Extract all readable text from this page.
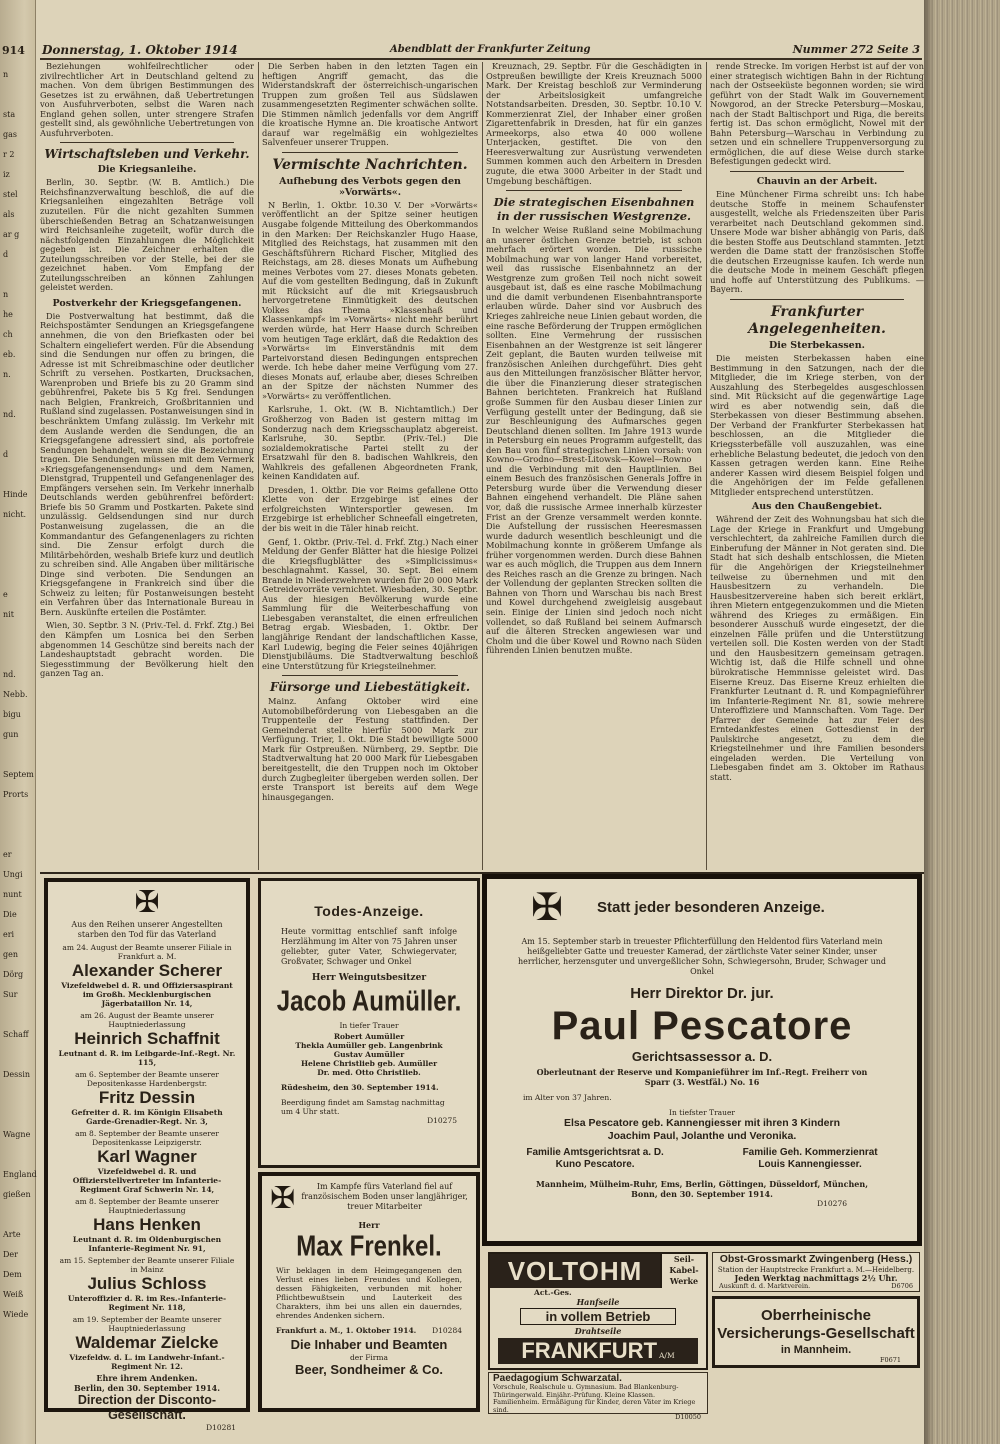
914
n
sta
gas
r 2
iz
stel
als
ar g
d
n
he
ch
eb.
n.
nd.
d
Hinde
nicht.
e
nit
nd.
Nebb.
bigu
gun
Septem
Prorts
er
Ungi
nunt
Die
eri
gen
Dörg
Sur
Schaff
Dessin
Wagne
England
gießen
Arte
Der
Dem
Weiß
Wiede
Donnerstag, 1. Oktober 1914	Abendblatt der Frankfurter Zeitung	Nummer 272 Seite 3

Beziehungen wohlfeilrechtlicher oder zivilrechtlicher Art in Deutschland geltend zu machen. Von dem übrigen Bestimmungen des Gesetzes ist zu erwähnen, daß Uebertretungen von Ausfuhrverboten, selbst die Waren nach England gehen sollen, unter strengere Strafen gestellt sind, als gewöhnliche Uebertretungen von Ausfuhrverboten.

Wirtschaftsleben und Verkehr.
Die Kriegsanleihe.

Berlin, 30. Septbr. (W. B. Amtlich.) Die Reichsfinanzverwaltung beschloß, die auf die Kriegsanleihen eingezahlten Beträge voll zuzuteilen. Für die nicht gezahlten Summen überschießenden Betrag an Schatzanweisungen wird Reichsanleihe zugeteilt, wofür durch die nächstfolgenden Einzahlungen die Möglichkeit gegeben ist. Die Zeichner erhalten die Zuteilungsschreiben vor der Stelle, bei der sie gezeichnet haben. Vom Empfang der Zuteilungsschreiben an können Zahlungen geleistet werden.

Postverkehr der Kriegsgefangenen.

Die Postverwaltung hat bestimmt, daß die Reichspostämter Sendungen an Kriegsgefangene annehmen, die von den Briefkasten oder bei Schaltern eingeliefert werden. Für die Absendung sind die Sendungen nur offen zu bringen, die Adresse ist mit Schreibmaschine oder deutlicher Schrift zu versehen. Postkarten, Drucksachen, Warenproben und Briefe bis zu 20 Gramm sind gebührenfrei, Pakete bis 5 Kg frei. Sendungen nach Belgien, Frankreich, Großbritannien und Rußland sind zugelassen. Postanweisungen sind in beschränktem Umfang zulässig. Im Verkehr mit dem Auslande werden die Sendungen, die an Kriegsgefangene adressiert sind, als portofreie Sendungen behandelt, wenn sie die Bezeichnung tragen. Die Sendungen müssen mit dem Vermerk »Kriegsgefangenensendung« und dem Namen, Dienstgrad, Truppenteil und Gefangenenlager des Empfängers versehen sein. Im Verkehr innerhalb Deutschlands werden gebührenfrei befördert: Briefe bis 50 Gramm und Postkarten. Pakete sind unzulässig. Geldsendungen sind nur durch Postanweisung zugelassen, die an die Kommandantur des Gefangenenlagers zu richten sind. Die Zensur erfolgt durch die Militärbehörden, weshalb Briefe kurz und deutlich zu schreiben sind. Alle Angaben über militärische Dinge sind verboten. Die Sendungen an Kriegsgefangene in Frankreich sind über die Schweiz zu leiten; für Postanweisungen besteht ein Verfahren über das Internationale Bureau in Bern. Auskünfte erteilen die Postämter.

Wien, 30. Septbr. 3 N. (Priv.-Tel. d. Frkf. Ztg.) Bei den Kämpfen um Losnica bei den Serben abgenommen 14 Geschütze sind bereits nach der Landeshauptstadt gebracht worden. Die Siegesstimmung der Bevölkerung hielt den ganzen Tag an.

Die Serben haben in den letzten Tagen ein heftigen Angriff gemacht, das die Widerstandskraft der österreichisch-ungarischen Truppen zum großen Teil aus Südslawen zusammengesetzten Regimenter schwächen sollte. Die Stimmen nämlich jedenfalls vor dem Angriff die kroatische Hymne an. Die kroatische Antwort darauf war regelmäßig ein wohlgezieltes Salvenfeuer unserer Truppen.

Vermischte Nachrichten.
Aufhebung des Verbots gegen den »Vorwärts«.

N Berlin, 1. Oktbr. 10.30 V. Der »Vorwärts« veröffentlicht an der Spitze seiner heutigen Ausgabe folgende Mitteilung des Oberkommandos in den Marken: Der Reichskanzler Hugo Haase, Mitglied des Reichstags, hat zusammen mit den Geschäftsführern Richard Fischer, Mitglied des Reichstags, am 28. dieses Monats um Aufhebung meines Verbotes vom 27. dieses Monats gebeten. Auf die vom gestellten Bedingung, daß in Zukunft mit Rücksicht auf die mit Kriegsausbruch hervorgetretene Einmütigkeit des deutschen Volkes das Thema »Klassenhaß und Klassenkampf« im »Vorwärts« nicht mehr berührt werden würde, hat Herr Haase durch Schreiben vom heutigen Tage erklärt, daß die Redaktion des »Vorwärts« im Einverständnis mit dem Parteivorstand diesen Bedingungen entsprechen werde. Ich hebe daher meine Verfügung vom 27. dieses Monats auf, erlaube aber, dieses Schreiben an der Spitze der nächsten Nummer des »Vorwärts« zu veröffentlichen.

Karlsruhe, 1. Okt. (W. B. Nichtamtlich.) Der Großherzog von Baden ist gestern mittag im Sonderzug nach dem Kriegsschauplatz abgereist. Karlsruhe, 30. Septbr. (Priv.-Tel.) Die sozialdemokratische Partei stellt zu der Ersatzwahl für den 8. badischen Wahlkreis, den Wahlkreis des gefallenen Abgeordneten Frank, keinen Kandidaten auf.

Dresden, 1. Oktbr. Die vor Reims gefallene Otto Klette von der Erzgebirge ist eines der erfolgreichsten Wintersportler gewesen. Im Erzgebirge ist erheblicher Schneefall eingetreten, der bis weit in die Täler hinab reicht.

Genf, 1. Oktbr. (Priv.-Tel. d. Frkf. Ztg.) Nach einer Meldung der Genfer Blätter hat die hiesige Polizei die Kriegsflugblätter des »Simplicissimus« beschlagnahmt. Kassel, 30. Sept. Bei einem Brande in Niederzwehren wurden für 20 000 Mark Getreidevorräte vernichtet. Wiesbaden, 30. Septbr. Aus der hiesigen Bevölkerung wurde eine Sammlung für die Weiterbeschaffung von Liebesgaben veranstaltet, die einen erfreulichen Betrag ergab. Wiesbaden, 1. Oktbr. Der langjährige Rendant der landschaftlichen Kasse, Karl Ludewig, beging die Feier seines 40jährigen Dienstjubiläums. Die Stadtverwaltung beschloß eine Unterstützung für Kriegsteilnehmer.

Fürsorge und Liebestätigkeit.

Mainz. Anfang Oktober wird eine Automobilbeförderung von Liebesgaben an die Truppenteile der Festung stattfinden. Der Gemeinderat stellte hierfür 5000 Mark zur Verfügung. Trier, 1. Okt. Die Stadt bewilligte 5000 Mark für Ostpreußen. Nürnberg, 29. Septbr. Die Stadtverwaltung hat 20 000 Mark für Liebesgaben bereitgestellt, die den Truppen noch im Oktober durch Zugbegleiter übergeben werden sollen. Der erste Transport ist bereits auf dem Wege hinausgegangen.

Kreuznach, 29. Septbr. Für die Geschädigten in Ostpreußen bewilligte der Kreis Kreuznach 5000 Mark. Der Kreistag beschloß zur Verminderung der Arbeitslosigkeit umfangreiche Notstandsarbeiten. Dresden, 30. Septbr. 10.10 V. Kommerzienrat Ziel, der Inhaber einer großen Zigarettenfabrik in Dresden, hat für ein ganzes Armeekorps, also etwa 40 000 wollene Unterjacken, gestiftet. Die von den Heeresverwaltung zur Ausrüstung verwendeten Summen kommen auch den Arbeitern in Dresden zugute, die etwa 3000 Arbeiter in der Stadt und Umgebung beschäftigen.

Die strategischen Eisenbahnen in der russischen Westgrenze.

In welcher Weise Rußland seine Mobilmachung an unserer östlichen Grenze betrieb, ist schon mehrfach erörtert worden. Die russische Mobilmachung war von langer Hand vorbereitet, weil das russische Eisenbahnnetz an der Westgrenze zum großen Teil noch nicht soweit ausgebaut ist, daß es eine rasche Mobilmachung und die damit verbundenen Eisenbahntransporte erlauben würde. Daher sind vor Ausbruch des Krieges zahlreiche neue Linien gebaut worden, die eine rasche Beförderung der Truppen ermöglichen sollten. Eine Vermehrung der russischen Eisenbahnen an der Westgrenze ist seit längerer Zeit geplant, die Bauten wurden teilweise mit französischen Anleihen durchgeführt. Dies geht aus den Mitteilungen französischer Blätter hervor, die über die Finanzierung dieser strategischen Bahnen berichteten. Frankreich hat Rußland große Summen für den Ausbau dieser Linien zur Verfügung gestellt unter der Bedingung, daß sie zur Beschleunigung des Aufmarsches gegen Deutschland dienen sollten. Im Jahre 1913 wurde in Petersburg ein neues Programm aufgestellt, das den Bau von fünf strategischen Linien vorsah: von Kowno—Grodno—Brest-Litowsk—Kowel—Rowno und die Verbindung mit den Hauptlinien. Bei einem Besuch des französischen Generals Joffre in Petersburg wurde über die Verwendung dieser Bahnen eingehend verhandelt. Die Pläne sahen vor, daß die russische Armee innerhalb kürzester Frist an der Grenze versammelt werden konnte. Die Aufstellung der russischen Heeresmassen wurde dadurch wesentlich beschleunigt und die Mobilmachung konnte in größerem Umfange als früher vorgenommen werden. Durch diese Bahnen war es auch möglich, die Truppen aus dem Innern des Reiches rasch an die Grenze zu bringen. Nach der Vollendung der geplanten Strecken sollten die Bahnen von Thorn und Warschau bis nach Brest und Kowel durchgehend zweigleisig ausgebaut sein. Einige der Linien sind jedoch noch nicht vollendet, so daß Rußland bei seinem Aufmarsch auf die älteren Strecken angewiesen war und Cholm und die über Kowel und Rowno nach Süden führenden Linien benutzen mußte.

rende Strecke. Im vorigen Herbst ist auf der von einer strategisch wichtigen Bahn in der Richtung nach der Ostseeküste begonnen worden; sie wird geführt von der Stadt Walk im Gouvernement Nowgorod, an der Strecke Petersburg—Moskau, nach der Stadt Baltischport und Riga, die bereits fertig ist. Das schon ermöglicht, Nowel mit der Bahn Petersburg—Warschau in Verbindung zu setzen und ein schnellere Truppenversorgung zu ermöglichen, die auf diese Weise durch starke Befestigungen gedeckt wird.

Chauvin an der Arbeit.

Eine Münchener Firma schreibt uns: Ich habe deutsche Stoffe in meinem Schaufenster ausgestellt, welche als Friedenszeiten über Paris verarbeitet nach Deutschland gekommen sind. Unsere Mode war bisher abhängig von Paris, daß die besten Stoffe aus Deutschland stammten. Jetzt werden die Dame statt der französischen Stoffe die deutschen Erzeugnisse kaufen. Ich werde nun die deutsche Mode in meinem Geschäft pflegen und hoffe auf Unterstützung des Publikums. — Bayern.

Frankfurter Angelegenheiten.
Die Sterbekassen.

Die meisten Sterbekassen haben eine Bestimmung in den Satzungen, nach der die Mitglieder, die im Kriege sterben, von der Auszahlung des Sterbegeldes ausgeschlossen sind. Mit Rücksicht auf die gegenwärtige Lage wird es aber notwendig sein, daß die Sterbekassen von dieser Bestimmung absehen. Der Verband der Frankfurter Sterbekassen hat beschlossen, an die Mitglieder die Kriegssterbefälle voll auszuzahlen, was eine erhebliche Belastung bedeutet, die jedoch von den Kassen getragen werden kann. Eine Reihe anderer Kassen wird diesem Beispiel folgen und die Angehörigen der im Felde gefallenen Mitglieder entsprechend unterstützen.

Aus den Chaußengebiet.

Während der Zeit des Wohnungsbau hat sich die Lage der Kriege in Frankfurt und Umgebung verschlechtert, da zahlreiche Familien durch die Einberufung der Männer in Not geraten sind. Die Stadt hat sich deshalb entschlossen, die Mieten für die Angehörigen der Kriegsteilnehmer teilweise zu übernehmen und mit den Hausbesitzern zu verhandeln. Die Hausbesitzervereine haben sich bereit erklärt, ihren Mietern entgegenzukommen und die Mieten während des Krieges zu ermäßigen. Ein besonderer Ausschuß wurde eingesetzt, der die einzelnen Fälle prüfen und die Unterstützung verteilen soll. Die Kosten werden von der Stadt und den Hausbesitzern gemeinsam getragen. Wichtig ist, daß die Hilfe schnell und ohne bürokratische Hemmnisse geleistet wird. Das Eiserne Kreuz. Das Eiserne Kreuz erhielten die Frankfurter Leutnant d. R. und Kompagnieführer im Infanterie-Regiment Nr. 81, sowie mehrere Unteroffiziere und Mannschaften. Vom Tage. Der Pfarrer der Gemeinde hat zur Feier des Erntedankfestes einen Gottesdienst in der Paulskirche angesetzt, zu dem die Kriegsteilnehmer und ihre Familien besonders eingeladen werden. Die Verteilung von Liebesgaben findet am 3. Oktober im Rathaus statt.

✠
Aus den Reihen unserer Angestellten starben den Tod für das Vaterland
am 24. August der Beamte unserer Filiale in Frankfurt a. M.
Alexander Scherer
Vizefeldwebel d. R. und Offiziersaspirant im Großh. Mecklenburgischen Jägerbataillon Nr. 14,
am 26. August der Beamte unserer Hauptniederlassung
Heinrich Schaffnit
Leutnant d. R. im Leibgarde-Inf.-Regt. Nr. 115,
am 6. September der Beamte unserer Depositenkasse Hardenbergstr.
Fritz Dessin
Gefreiter d. R. im Königin Elisabeth Garde-Grenadier-Regt. Nr. 3,
am 8. September der Beamte unserer Depositenkasse Leipzigerstr.
Karl Wagner
Vizefeldwebel d. R. und Offizierstellvertreter im Infanterie-Regiment Graf Schwerin Nr. 14,
am 8. September der Beamte unserer Hauptniederlassung
Hans Henken
Leutnant d. R. im Oldenburgischen Infanterie-Regiment Nr. 91,
am 15. September der Beamte unserer Filiale in Mainz
Julius Schloss
Unteroffizier d. R. im Res.-Infanterie-Regiment Nr. 118,
am 19. September der Beamte unserer Hauptniederlassung
Waldemar Zielcke
Vizefeldw. d. L. im Landwehr-Infant.-Regiment Nr. 12.
Ehre ihrem Andenken.
Berlin, den 30. September 1914.
Direction der Disconto-Gesellschaft.
D10281
Todes-Anzeige.
Heute vormittag entschlief sanft infolge Herzlähmung im Alter von 75 Jahren unser geliebter, guter Vater, Schwiegervater, Großvater, Schwager und Onkel
Herr Weingutsbesitzer
Jacob Aumüller.
In tiefer Trauer
Robert Aumüller
Thekla Aumüller geb. Langenbrink
Gustav Aumüller
Helene Christlieb geb. Aumüller
Dr. med. Otto Christlieb.
Rüdesheim, den 30. September 1914.
Beerdigung findet am Samstag nachmittag um 4 Uhr statt.
D10275
✠	Im Kampfe fürs Vaterland fiel auf französischem Boden unser langjähriger, treuer Mitarbeiter
Herr
Max Frenkel.
Wir beklagen in dem Heimgegangenen den Verlust eines lieben Freundes und Kollegen, dessen Fähigkeiten, verbunden mit hoher Pflichtbewußtsein und Lauterkeit des Charakters, ihm bei uns allen ein dauerndes, ehrendes Andenken sichern.
Frankfurt a. M., 1. Oktober 1914. D10284
Die Inhaber und Beamten
der Firma
Beer, Sondheimer & Co.
✠ Statt jeder besonderen Anzeige.
Am 15. September starb in treuester Pflichterfüllung den Heldentod fürs Vaterland mein heißgeliebter Gatte und treuester Kamerad, der zärtlichste Vater seiner Kinder, unser herrlicher, herzensguter und unvergeßlicher Sohn, Schwiegersohn, Bruder, Schwager und Onkel
Herr Direktor Dr. jur.
Paul Pescatore
Gerichtsassessor a. D.
Oberleutnant der Reserve und Kompanieführer im Inf.-Regt. Freiherr von Sparr (3. Westfäl.) No. 16
im Alter von 37 Jahren.
In tiefster Trauer
Elsa Pescatore geb. Kannengiesser mit ihren 3 Kindern
Joachim Paul, Jolanthe und Veronika.
Familie Amtsgerichtsrat a. D.
Kuno Pescatore.
Familie Geh. Kommerzienrat
Louis Kannengiesser.
Mannheim, Mülheim-Ruhr, Ems, Berlin, Göttingen, Düsseldorf, München,
Bonn, den 30. September 1914.
D10276
VOLTOHM	Seil-
Kabel-
Werke
Act.-Ges.
Hanfseile
in vollem Betrieb
Drahtseile
FRANKFURT A/M
Obst-Grossmarkt Zwingenberg (Hess.)
Station der Hauptstrecke Frankfurt a. M.—Heidelberg.
Jeden Werktag nachmittags 2½ Uhr.
Auskunft d. d. Marktverein.	D6706
Oberrheinische
Versicherungs-Gesellschaft
in Mannheim.
F0671
Paedagogium Schwarzatal.
Vorschule, Realschule u. Gymnasium. Bad Blankenburg-Thüringerwald. Einjähr.-Prüfung. Kleine Klassen. Familienheim. Ermäßigung für Kinder, deren Väter im Kriege sind.
D10050
